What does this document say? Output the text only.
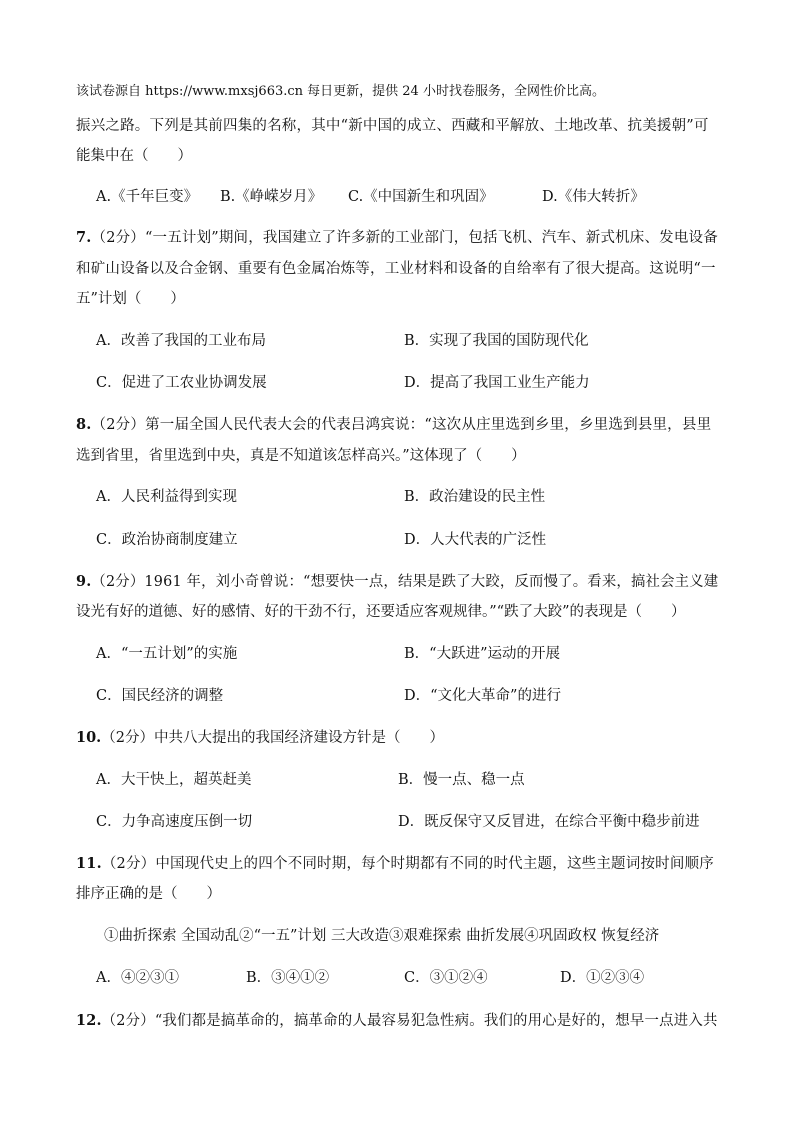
该试卷源自 https://www.mxsj663.cn 每日更新，提供 24 小时找卷服务，全网性价比高。
振兴之路。下列是其前四集的名称，其中“新中国的成立、西藏和平解放、土地改革、抗美援朝”可
能集中在（　　）
A.《千年巨变》 B.《峥嵘岁月》 C.《中国新生和巩固》	D.《伟大转折》
7.（2分）“一五计划”期间，我国建立了许多新的工业部门，包括飞机、汽车、新式机床、发电设备
和矿山设备以及合金钢、重要有色金属冶炼等，工业材料和设备的自给率有了很大提高。这说明“一
五”计划（　　）
A．改善了我国的工业布局	B．实现了我国的国防现代化
C．促进了工农业协调发展	D．提高了我国工业生产能力
8.（2分）第一届全国人民代表大会的代表吕鸿宾说：“这次从庄里选到乡里，乡里选到县里，县里
选到省里，省里选到中央，真是不知道该怎样高兴。”这体现了（　　）
A．人民利益得到实现	B．政治建设的民主性
C．政治协商制度建立	D．人大代表的广泛性
9.（2分）1961 年，刘小奇曾说：“想要快一点，结果是跌了大跤，反而慢了。看来，搞社会主义建
设光有好的道德、好的感情、好的干劲不行，还要适应客观规律。”“跌了大跤”的表现是（　　）
A．“一五计划”的实施	B．“大跃进”运动的开展
C．国民经济的调整	D．“文化大革命”的进行
10.（2分）中共八大提出的我国经济建设方针是（　　）
A．大干快上，超英赶美	B．慢一点、稳一点
C．力争高速度压倒一切	D．既反保守又反冒进，在综合平衡中稳步前进
11.（2分）中国现代史上的四个不同时期，每个时期都有不同的时代主题，这些主题词按时间顺序
排序正确的是（　　）
①曲折探索 全国动乱②“一五”计划 三大改造③艰难探索 曲折发展④巩固政权 恢复经济
A．④②③①	B．③④①②	C．③①②④	D．①②③④
12.（2分）“我们都是搞革命的，搞革命的人最容易犯急性病。我们的用心是好的，想早一点进入共
